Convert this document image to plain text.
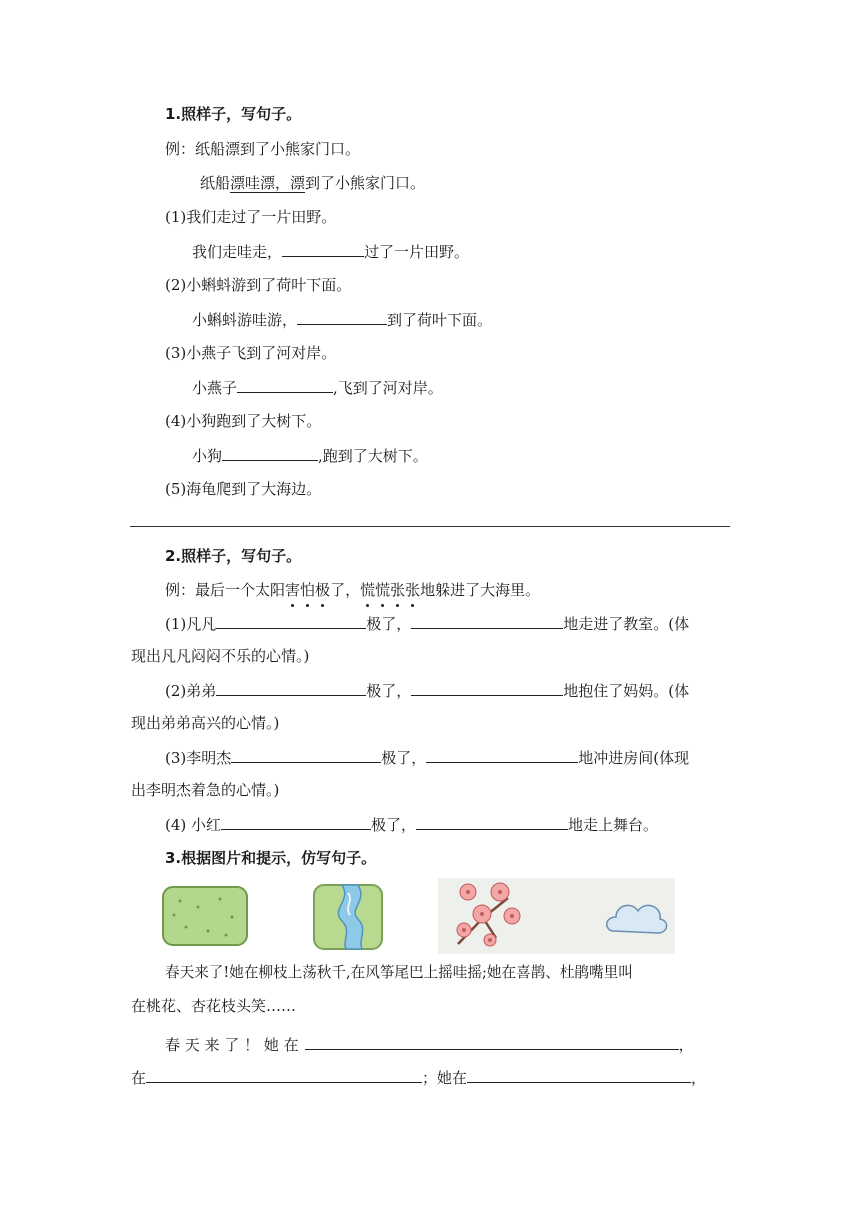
1.照样子，写句子。
例：纸船漂到了小熊家门口。
纸船漂哇漂，漂到了小熊家门口。
(1)我们走过了一片田野。
我们走哇走，	过了一片田野。
(2)小蝌蚪游到了荷叶下面。
小蝌蚪游哇游，	到了荷叶下面。
(3)小燕子飞到了河对岸。
小燕子	,飞到了河对岸。
(4)小狗跑到了大树下。
小狗	,跑到了大树下。
(5)海龟爬到了大海边。
2.照样子，写句子。
例：最后一个太阳害怕极了，慌慌张张地躲进了大海里。
(1)凡凡	极了，	地走进了教室。(体
现出凡凡闷闷不乐的心情。)
(2)弟弟	极了，	地抱住了妈妈。(体
现出弟弟高兴的心情。)
(3)李明杰	极了，	地冲进房间(体现
出李明杰着急的心情。)
(4) 小红	极了，	地走上舞台。
3.根据图片和提示，仿写句子。
春天来了!她在柳枝上荡秋千,在风筝尾巴上摇哇摇;她在喜鹊、杜鹃嘴里叫
在桃花、杏花枝头笑……
春 天 来 了 ！ 她 在	，
在	；她在	，
